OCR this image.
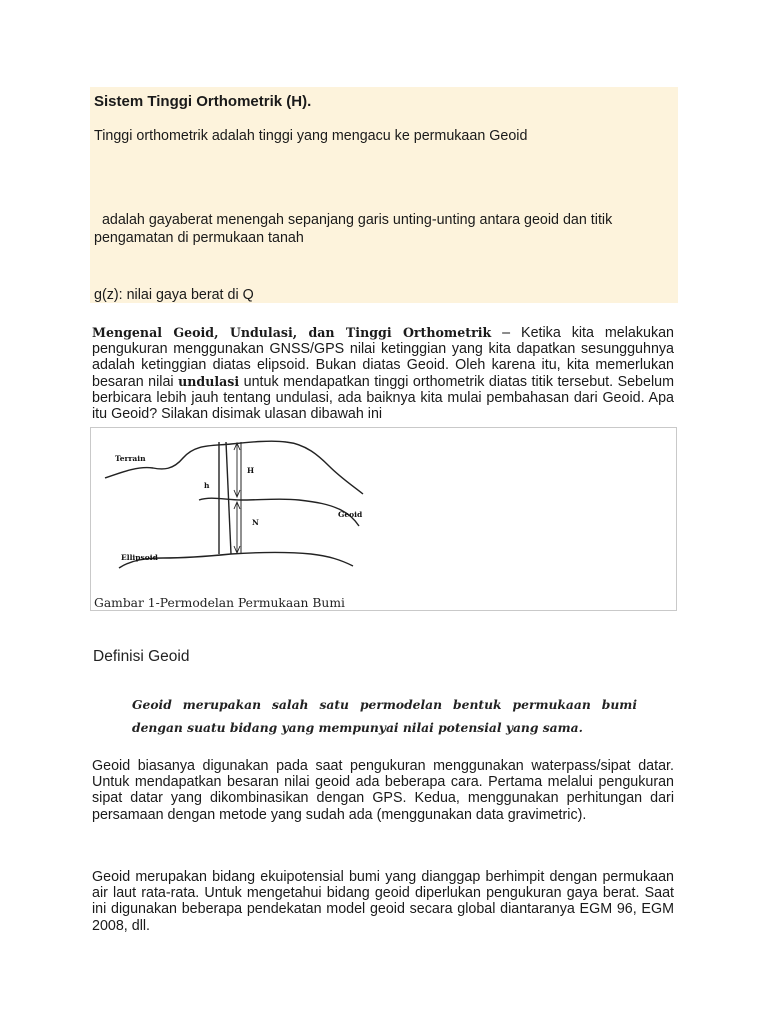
Sistem Tinggi Orthometrik (H).
Tinggi orthometrik adalah tinggi yang mengacu ke permukaan Geoid
adalah gayaberat menengah sepanjang garis unting-unting antara geoid dan titik pengamatan di permukaan tanah
g(z): nilai gaya berat di Q
Mengenal Geoid, Undulasi, dan Tinggi Orthometrik – Ketika kita melakukan pengukuran menggunakan GNSS/GPS nilai ketinggian yang kita dapatkan sesungguhnya adalah ketinggian diatas elipsoid. Bukan diatas Geoid. Oleh karena itu, kita memerlukan besaran nilai undulasi untuk mendapatkan tinggi orthometrik diatas titik tersebut. Sebelum berbicara lebih jauh tentang undulasi, ada baiknya kita mulai pembahasan dari Geoid. Apa itu Geoid? Silakan disimak ulasan dibawah ini
Terrain
h
H
Geoid
N
Ellipsoid
Gambar 1-Permodelan Permukaan Bumi
Definisi Geoid
Geoid merupakan salah satu permodelan bentuk permukaan bumi dengan suatu bidang yang mempunyai nilai potensial yang sama.
Geoid biasanya digunakan pada saat pengukuran menggunakan waterpass/sipat datar. Untuk mendapatkan besaran nilai geoid ada beberapa cara. Pertama melalui pengukuran sipat datar yang dikombinasikan dengan GPS. Kedua, menggunakan perhitungan dari persamaan dengan metode yang sudah ada (menggunakan data gravimetric).
Geoid merupakan bidang ekuipotensial bumi yang dianggap berhimpit dengan permukaan air laut rata-rata. Untuk mengetahui bidang geoid diperlukan pengukuran gaya berat. Saat ini digunakan beberapa pendekatan model geoid secara global diantaranya EGM 96, EGM 2008, dll.
